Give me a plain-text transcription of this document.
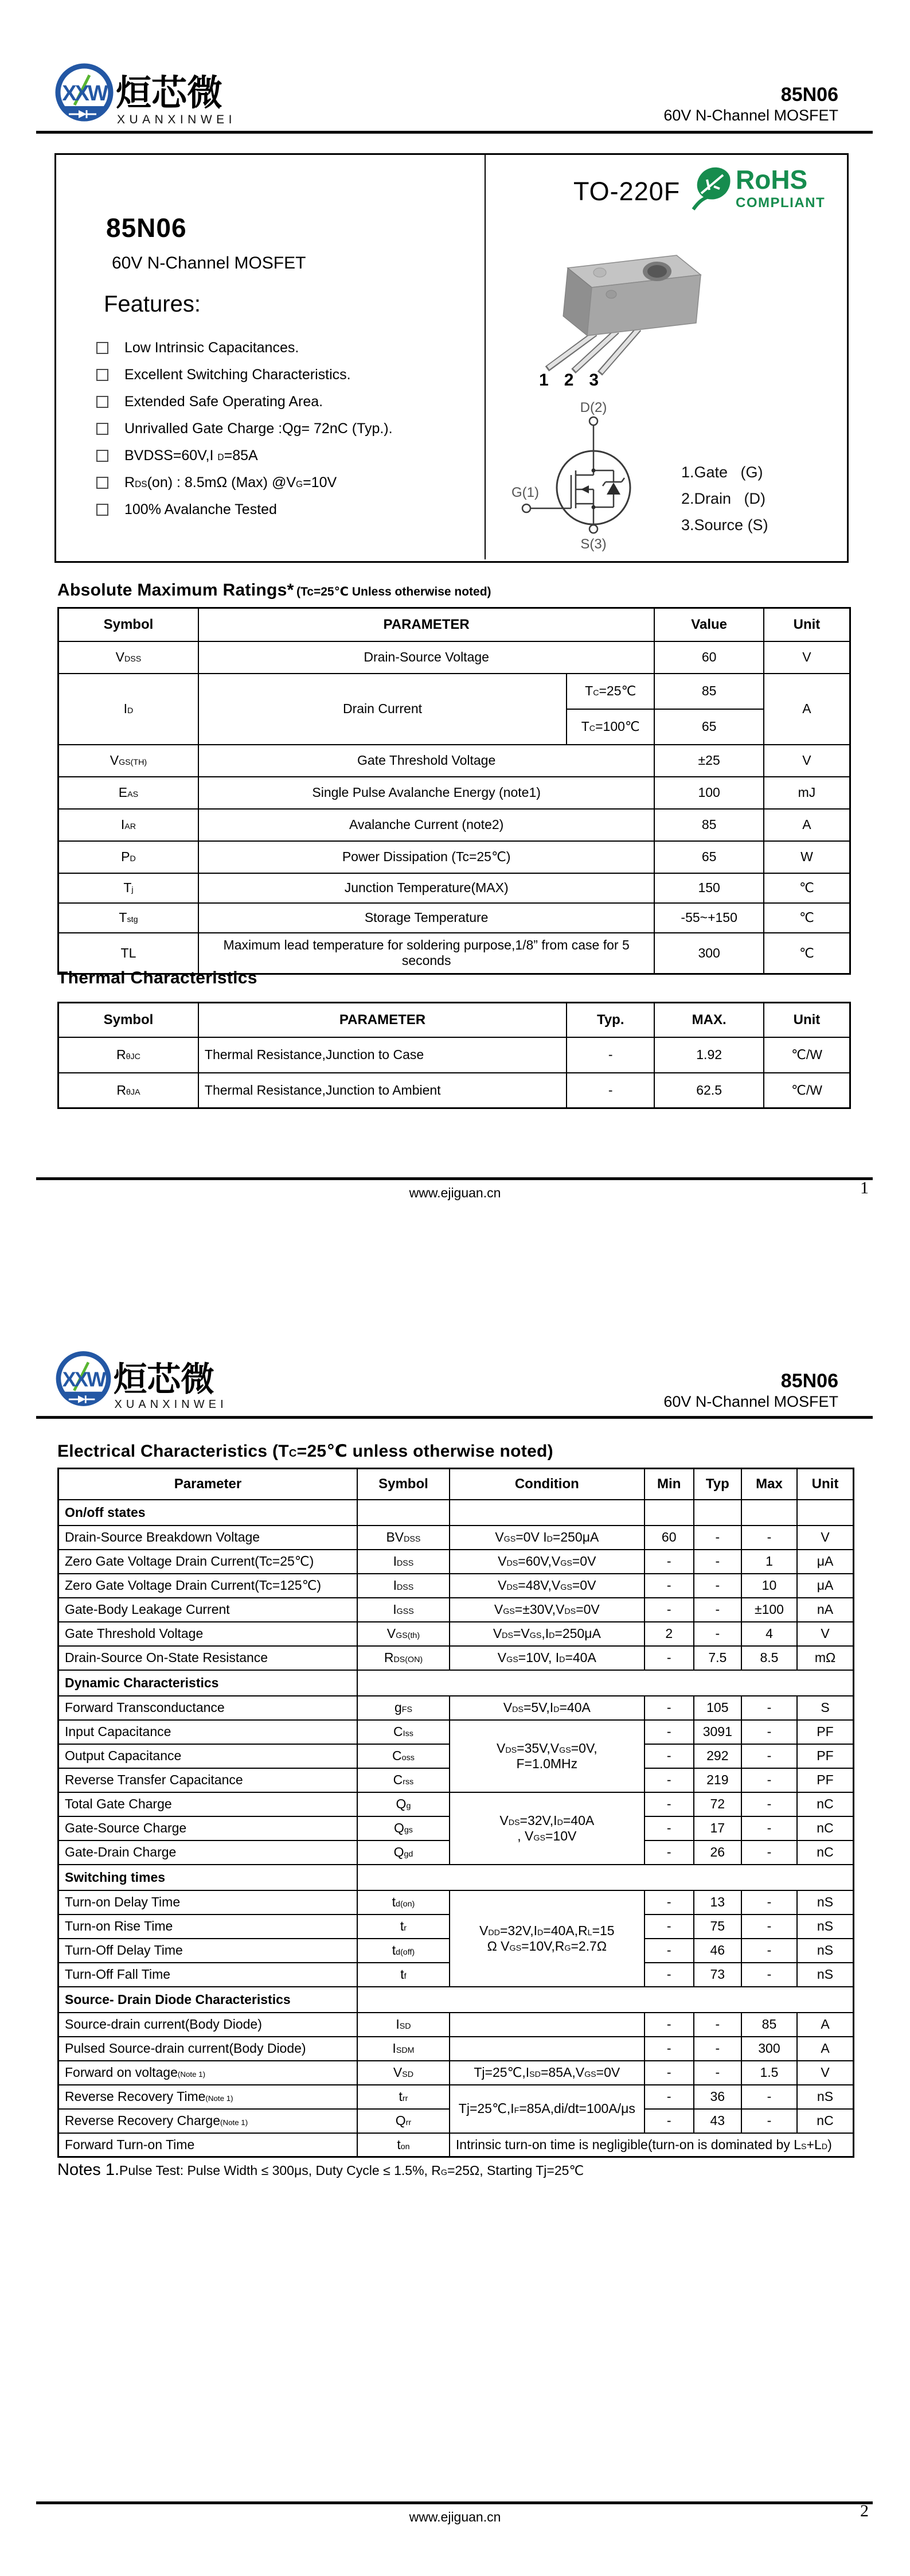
XXW 烜芯微
XUANXINWEI
85N06
60V N-Channel MOSFET
85N06
60V N-Channel MOSFET
Features:
Low Intrinsic Capacitances.
Excellent Switching Characteristics.
Extended Safe Operating Area.
Unrivalled Gate Charge :Qg= 72nC (Typ.).
BVDSS=60V,I $_D$=85A
$R_{DS}(on)$ : 8.5mΩ (Max) $@V_G=10V$
100% Avalanche Tested
TO-220F RoHS
COMPLIANT
1 2 3
D(2)
G(1)
S(3)
1.Gate   (G)
2.Drain   (D)
3.Source (S)
Absolute Maximum Ratings* (Tc=25℃ Unless otherwise noted)
Symbol	PARAMETER		Value	Unit
$V_{DSS}$	Drain-Source Voltage		60	V
$I_D$	Drain Current	$T_C=25℃$	85	A
		$T_C=100℃$	65	
$V_{GS(TH)}$	Gate Threshold Voltage		±25	V
$E_{AS}$	Single Pulse Avalanche Energy (note1)		100	mJ
$I_{AR}$	Avalanche Current (note2)		85	A
$P_D$	Power Dissipation (Tc=25℃)		65	W
$T_j$	Junction Temperature(MAX)		150	℃
$T_{stg}$	Storage Temperature		-55~+150	℃
TL	Maximum lead temperature for soldering purpose,1/8” from case for 5 seconds		300	℃
Thermal Characteristics
Symbol	PARAMETER	Typ.	MAX.	Unit
$R_{\theta JC}$	Thermal Resistance,Junction to Case	-	1.92	℃/W
$R_{\theta JA}$	Thermal Resistance,Junction to Ambient	-	62.5	℃/W
www.ejiguan.cn	1
XXW 烜芯微
XUANXINWEI
85N06
60V N-Channel MOSFET
Electrical Characteristics ($T_C=25℃$ unless otherwise noted)
Parameter	Symbol	Condition	Min	Typ	Max	Unit
On/off states						
Drain-Source Breakdown Voltage	$BV_{DSS}$	$V_{GS}=0V$ $I_D=250\mu A$	60	-	-	V
Zero Gate Voltage Drain Current(Tc=25℃)	$I_{DSS}$	$V_{DS}=60V,V_{GS}=0V$	-	-	1	μA
Zero Gate Voltage Drain Current(Tc=125℃)	$I_{DSS}$	$V_{DS}=48V,V_{GS}=0V$	-	-	10	μA
Gate-Body Leakage Current	$I_{GSS}$	$V_{GS}=\pm 30V,V_{DS}=0V$	-	-	±100	nA
Gate Threshold Voltage	$V_{GS(th)}$	$V_{DS}=V_{GS},I_D=250\mu A$	2	-	4	V
Drain-Source On-State Resistance	$R_{DS(ON)}$	$V_{GS}=10V$, $I_D=40A$	-	7.5	8.5	mΩ
Dynamic Characteristics						
Forward Transconductance	$g_{FS}$	$V_{DS}=5V,I_D=40A$	-	105	-	S
Input Capacitance	$C_{Iss}$	$V_{DS}=35V,V_{GS}=0V$,
F=1.0MHz	-	3091	-	PF
Output Capacitance	$C_{oss}$		-	292	-	PF
Reverse Transfer Capacitance	$C_{rss}$		-	219	-	PF
Total Gate Charge	$Q_g$	$V_{DS}=32V,I_D=40A$
, $V_{GS}=10V$	-	72	-	nC
Gate-Source Charge	$Q_{gs}$		-	17	-	nC
Gate-Drain Charge	$Q_{gd}$		-	26	-	nC
Switching times						
Turn-on Delay Time	$t_{d(on)}$	$V_{DD}=32V,I_D=40A,R_L=15$
Ω $V_{GS}=10V,R_G=2.7\Omega$	-	13	-	nS
Turn-on Rise Time	$t_r$		-	75	-	nS
Turn-Off Delay Time	$t_{d(off)}$		-	46	-	nS
Turn-Off Fall Time	$t_f$		-	73	-	nS
Source- Drain Diode Characteristics						
Source-drain current(Body Diode)	$I_{SD}$		-	-	85	A
Pulsed Source-drain current(Body Diode)	$I_{SDM}$		-	-	300	A
Forward on voltage$^{(Note 1)}$	$V_{SD}$	$Tj=25℃,I_{SD}=85A,V_{GS}=0V$	-	-	1.5	V
Reverse Recovery Time$^{(Note 1)}$	$t_{rr}$	$Tj=25℃,I_F=85A,di/dt=100A/\mu s$	-	36	-	nS
Reverse Recovery Charge$^{(Note 1)}$	$Q_{rr}$		-	43	-	nC
Forward Turn-on Time	$t_{on}$	Intrinsic turn-on time is negligible(turn-on is dominated by $L_S+L_D$)				
Notes 1.Pulse Test: Pulse Width ≤ 300μs, Duty Cycle ≤ 1.5%, $R_G=25\Omega$, Starting Tj=25℃
www.ejiguan.cn	2
